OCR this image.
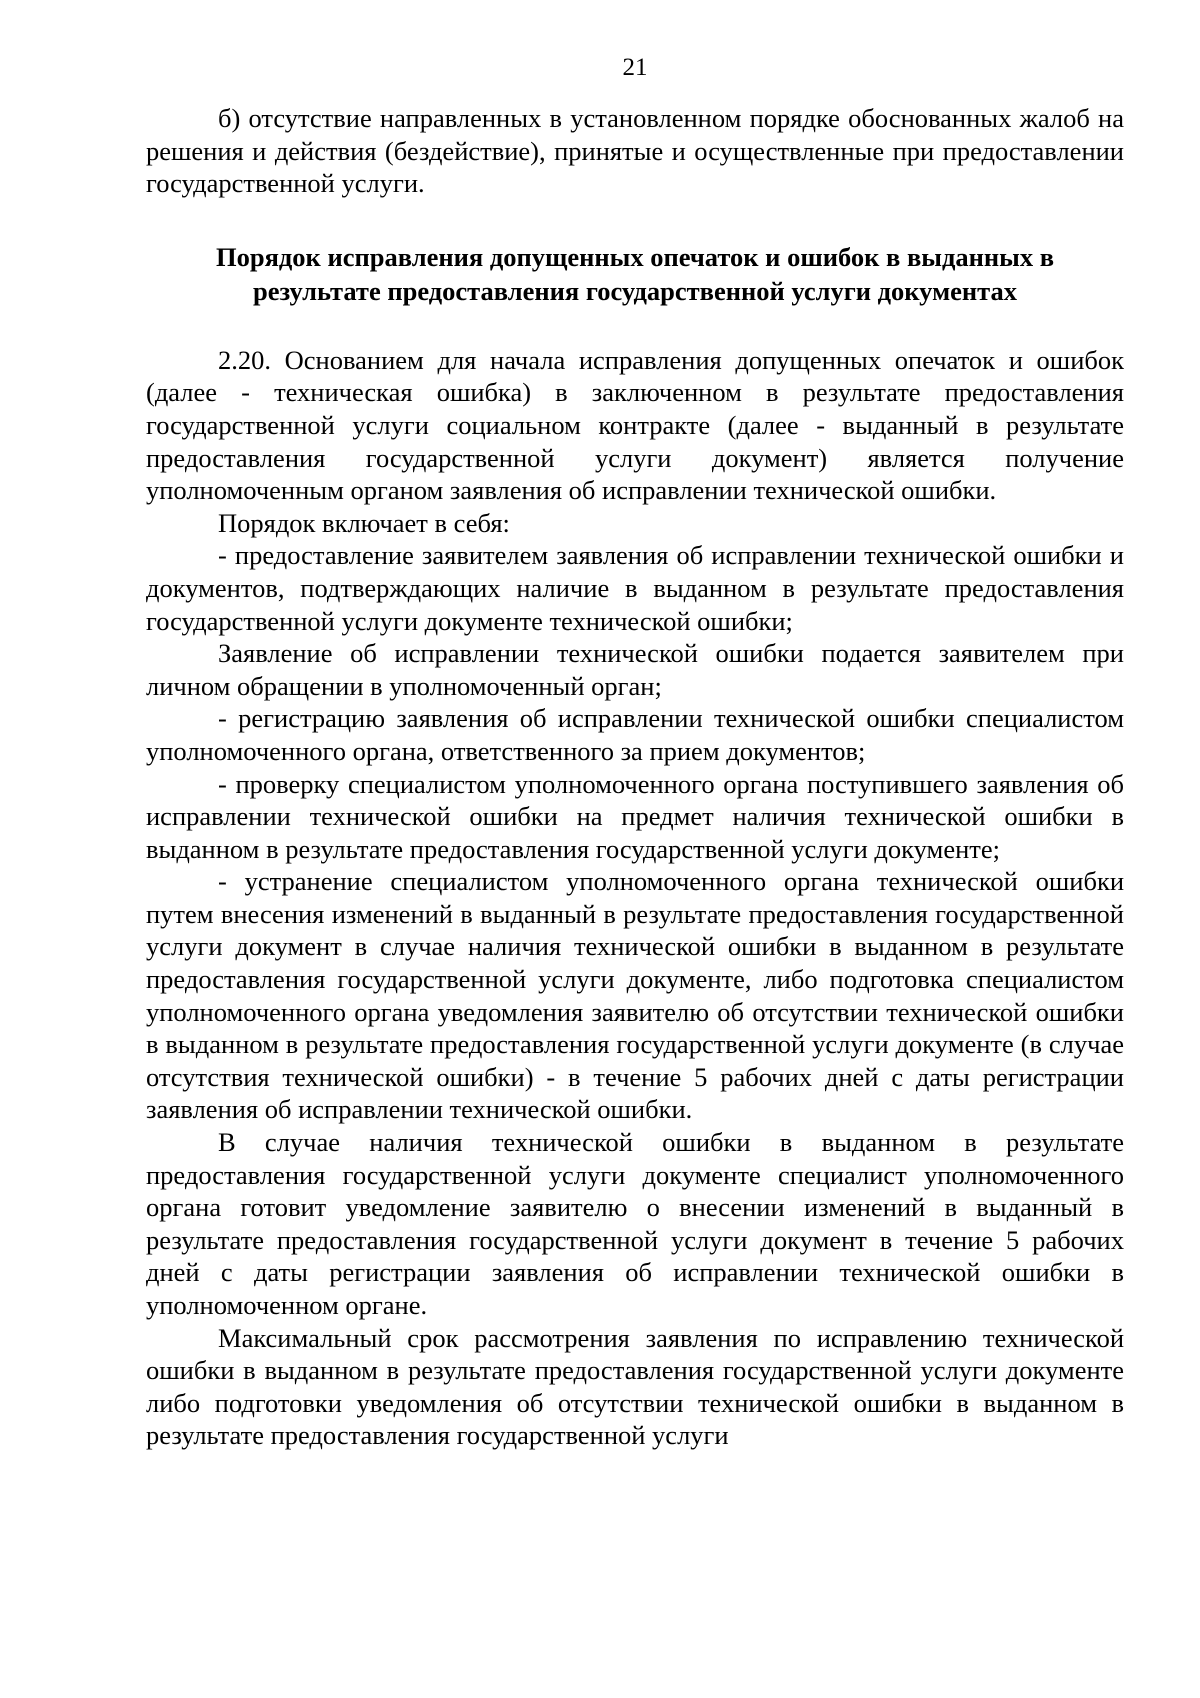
21

б) отсутствие направленных в установленном порядке обоснованных жалоб на решения и действия (бездействие), принятые и осуществленные при предоставлении государственной услуги.

Порядок исправления допущенных опечаток и ошибок в выданных в
результате предоставления государственной услуги документах

2.20. Основанием для начала исправления допущенных опечаток и ошибок (далее - техническая ошибка) в заключенном в результате предоставления государственной услуги социальном контракте (далее - выданный в результате предоставления государственной услуги документ) является получение уполномоченным органом заявления об исправлении технической ошибки.

Порядок включает в себя:

- предоставление заявителем заявления об исправлении технической ошибки и документов, подтверждающих наличие в выданном в результате предоставления государственной услуги документе технической ошибки;

Заявление об исправлении технической ошибки подается заявителем при личном обращении в уполномоченный орган;

- регистрацию заявления об исправлении технической ошибки специалистом уполномоченного органа, ответственного за прием документов;

- проверку специалистом уполномоченного органа поступившего заявления об исправлении технической ошибки на предмет наличия технической ошибки в выданном в результате предоставления государственной услуги документе;

- устранение специалистом уполномоченного органа технической ошибки путем внесения изменений в выданный в результате предоставления государственной услуги документ в случае наличия технической ошибки в выданном в результате предоставления государственной услуги документе, либо подготовка специалистом уполномоченного органа уведомления заявителю об отсутствии технической ошибки в выданном в результате предоставления государственной услуги документе (в случае отсутствия технической ошибки) - в течение 5 рабочих дней с даты регистрации заявления об исправлении технической ошибки.

В случае наличия технической ошибки в выданном в результате предоставления государственной услуги документе специалист уполномоченного органа готовит уведомление заявителю о внесении изменений в выданный в результате предоставления государственной услуги документ в течение 5 рабочих дней с даты регистрации заявления об исправлении технической ошибки в уполномоченном органе.

Максимальный срок рассмотрения заявления по исправлению технической ошибки в выданном в результате предоставления государственной услуги документе либо подготовки уведомления об отсутствии технической ошибки в выданном в результате предоставления государственной услуги
